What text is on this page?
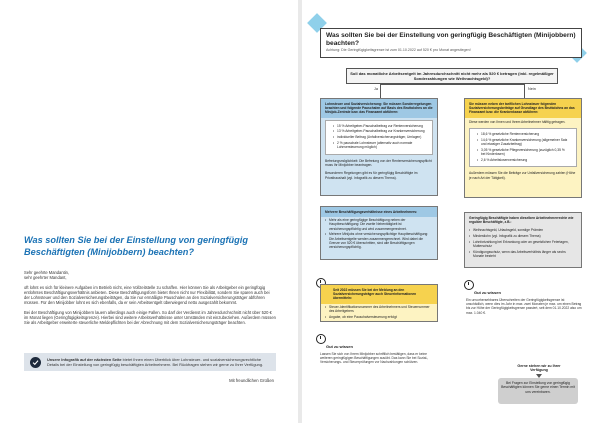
Was sollten Sie bei der Einstellung von geringfügig Beschäftigten (Minijobbern) beachten?

Sehr geehrte Mandantin,

sehr geehrter Mandant,

oft lohnt es sich für kleinere Aufgaben im Betrieb nicht, eine Vollzeitstelle zu schaffen. Hier können Sie als Arbeitgeber ein geringfügig entlohntes Beschäftigungsverhältnis anbieten. Diese Beschäftigungsform bietet Ihnen nicht nur Flexibilität, sondern Sie sparen auch bei der Lohnsteuer und den Sozialversicherungsbeiträgen, da Sie nur ermäßigte Pauschalen an den Sozialversicherungsträger abführen müssen. Für den Minijobber lohnt es sich ebenfalls, da er sein Arbeitsentgelt überwiegend netto ausgezahlt bekommt.

Bei der Beschäftigung von Minijobbern lauern allerdings auch einige Fallen. So darf der Verdienst im Jahresdurchschnitt nicht über 520 € im Monat liegen (Geringfügigkeitsgrenze). Hierbei sind weitere Arbeitsverhältnisse unter Umständen mit einzubeziehen. Außerdem müssen Sie als Arbeitgeber erweiterte steuerliche Meldepflichten bei der Abrechnung mit dem Sozialversicherungsträger beachten.

Unsere Infografik auf der nächsten Seite bietet Ihnen einen Überblick über Lohnsteuer- und sozialversicherungsrechtliche Details bei der Einstellung von geringfügig beschäftigten Arbeitnehmern. Bei Rückfragen stehen wir gerne zu Ihrer Verfügung.
Mit freundlichen Grüßen
Was sollten Sie bei der Einstellung von geringfügig Beschäftigten (Minijobbern) beachten?
Achtung: Die Geringfügigkeitsgrenze ist zum 01.10.2022 auf 520 € pro Monat angestiegen!
Soll das monatliche Arbeitsentgelt im Jahresdurchschnitt nicht mehr als 520 € betragen (inkl. regelmäßiger Sonderzahlungen wie Weihnachtsgeld)?
Ja	Nein
Lohnsteuer und Sozialversicherung: Sie müssen Sonderregelungen beachten und folgende Pauschalen auf Basis des Bruttolohns an die Minijob-Zentrale bzw. das Finanzamt abführen:
• 15 % Arbeitgeber-Pauschalbeitrag zur Rentenversicherung
• 13 % Arbeitgeber-Pauschalbeitrag zur Krankenversicherung
• individueller Beitrag (Unfallversicherungsträger, Umlagen)
• 2 % pauschale Lohnsteuer (alternativ auch normale Lohnversteuerung möglich)
Befreiungsmöglichkeit: Die Befreiung von der Rentenversicherungspflicht muss Ihr Minijobber beantragen.
Besonderen Regelungen gibt es für geringfügig Beschäftigte im Privathaushalt (vgl. Infografik zu diesem Thema).
Sie müssen neben der tariflichen Lohnsteuer folgenden Sozialversicherungsbeiträge auf Grundlage des Bruttolohns an das Finanzamt bzw. die Krankenkasse abführen:
Diese werden von Ihnen und Ihrem Arbeitnehmer hälftig getragen.
• 18,6 % gesetzliche Rentenversicherung
• 14,6 % gesetzliche Krankenversicherung (allgemeiner Satz und etwaiger Zusatzbeitrag)
• 3,05 % gesetzliche Pflegeversicherung (zuzüglich 0,35 % bei Kinderlosen)
• 2,6 % Arbeitslosenversicherung
Außerdem müssen Sie die Beiträge zur Unfallversicherung zahlen (Höhe je nach Art der Tätigkeit).
Mehrere Beschäftigungsverhältnisse eines Arbeitnehmers:
• Mehr als eine geringfügige Beschäftigung neben der Hauptbeschäftigung: Die zweite Nebentätigkeit ist versicherungspflichtig und wird zusammengerechnet.
• Mehrere Minijobs ohne versicherungspflichtige Hauptbeschäftigung: Die Arbeitsentgelte werden zusammengerechnet. Wird dabei die Grenze von 520 € überschritten, sind alle Beschäftigungen versicherungspflichtig.
Geringfügig Beschäftigte haben dieselben Arbeitnehmerrechte wie reguläre Beschäftigte, z.B.:
• Weihnachtsgeld, Urlaubsgeld, sonstige Prämien
• Mindestlohn (vgl. Infografik zu diesem Thema)
• Lohnfortzahlung bei Erkrankung oder an gesetzlichen Feiertagen, Mutterschutz
• Kündigungsschutz, wenn das Arbeitsverhältnis länger als sechs Monate besteht
Seit 2022 müssen Sie bei der Meldung an den Sozialversicherungsträger auch Steuerinformationen übermitteln:
• Steuer-Identifikationsnummer des Arbeitnehmers und Steuernummer des Arbeitgebers
• Angabe, ob eine Pauschalversteuerung erfolgt
Gut zu wissen
Ein unvorhersehbares Überschreiten der Geringfügigkeitsgrenze ist unschädlich, wenn dies im Jahr in max. zwei Monaten je max. um einen Betrag bis zur Höhe der Geringfügigkeitsgrenze passiert, seit dem 01.10.2022 also um max. 1.040 €.
Gut zu wissen
Lassen Sie sich von Ihrem Minijobber schriftlich bestätigen, dass er keine weiteren geringfügigen Beschäftigungen ausübt. Das kann Sie bei Sozial-, Versicherungs- und Steuerprüfungen vor Nachzahlungen schützen.
Gerne stehen wir zu Ihrer Verfügung
Bei Fragen zur Einstellung von geringfügig Beschäftigten können Sie gerne einen Termin mit uns vereinbaren.
